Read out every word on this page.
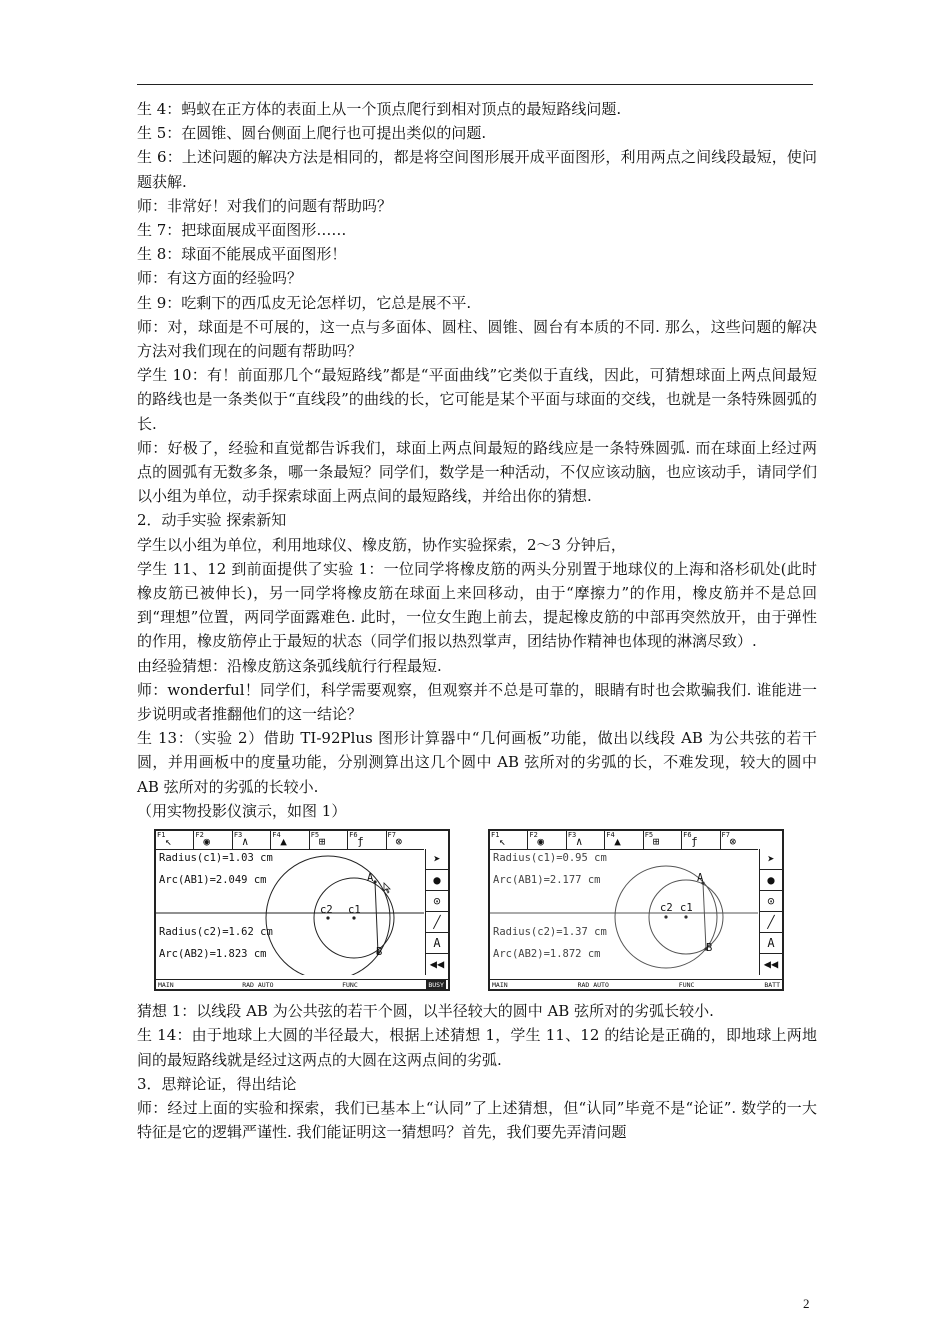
生 4：蚂蚁在正方体的表面上从一个顶点爬行到相对顶点的最短路线问题.

生 5：在圆锥、圆台侧面上爬行也可提出类似的问题.

生 6：上述问题的解决方法是相同的，都是将空间图形展开成平面图形，利用两点之间线段最短，使问题获解.

师：非常好！对我们的问题有帮助吗？

生 7：把球面展成平面图形……

生 8：球面不能展成平面图形！

师：有这方面的经验吗？

生 9：吃剩下的西瓜皮无论怎样切，它总是展不平.

师：对，球面是不可展的，这一点与多面体、圆柱、圆锥、圆台有本质的不同. 那么，这些问题的解决方法对我们现在的问题有帮助吗？

学生 10：有！前面那几个“最短路线”都是“平面曲线”它类似于直线，因此，可猜想球面上两点间最短的路线也是一条类似于“直线段”的曲线的长，它可能是某个平面与球面的交线，也就是一条特殊圆弧的长.

师：好极了，经验和直觉都告诉我们，球面上两点间最短的路线应是一条特殊圆弧. 而在球面上经过两点的圆弧有无数多条，哪一条最短？同学们，数学是一种活动，不仅应该动脑，也应该动手，请同学们以小组为单位，动手探索球面上两点间的最短路线，并给出你的猜想.

2．动手实验 探索新知

学生以小组为单位，利用地球仪、橡皮筋，协作实验探索，2～3 分钟后，

学生 11、12 到前面提供了实验 1：一位同学将橡皮筋的两头分别置于地球仪的上海和洛杉矶处(此时橡皮筋已被伸长)，另一同学将橡皮筋在球面上来回移动，由于“摩擦力”的作用，橡皮筋并不是总回到“理想”位置，两同学面露难色. 此时，一位女生跑上前去，提起橡皮筋的中部再突然放开，由于弹性的作用，橡皮筋停止于最短的状态（同学们报以热烈掌声，团结协作精神也体现的淋漓尽致）.

由经验猜想：沿橡皮筋这条弧线航行行程最短.

师：wonderful！同学们，科学需要观察，但观察并不总是可靠的，眼睛有时也会欺骗我们. 谁能进一步说明或者推翻他们的这一结论？

生 13：（实验 2）借助 TI-92Plus 图形计算器中“几何画板”功能，做出以线段 AB 为公共弦的若干圆，并用画板中的度量功能，分别测算出这几个圆中 AB 弦所对的劣弧的长，不难发现，较大的圆中 AB 弦所对的劣弧的长较小.

（用实物投影仪演示，如图 1）

F1 ↖	F2 ◉	F3 ∧	F4 ▲	F5 ⊞	F6 ƒ	F7 ⊗
➤
●
⊙
╱
A
◀◀
Radius(c1)=1.03 cm
Arc(AB1)=2.049 cm
Radius(c2)=1.62 cm
Arc(AB2)=1.823 cm
A
B
c1
c2
MAIN	RAD AUTO	FUNC	BUSY
F1 ↖	F2 ◉	F3 ∧	F4 ▲	F5 ⊞	F6 ƒ	F7 ⊗
➤
●
⊙
╱
A
◀◀
Radius(c1)=0.95 cm
Arc(AB1)=2.177 cm
Radius(c2)=1.37 cm
Arc(AB2)=1.872 cm
A
B
c1
c2
MAIN	RAD AUTO	FUNC	BATT

猜想 1：以线段 AB 为公共弦的若干个圆，以半径较大的圆中 AB 弦所对的劣弧长较小.

生 14：由于地球上大圆的半径最大，根据上述猜想 1，学生 11、12 的结论是正确的，即地球上两地间的最短路线就是经过这两点的大圆在这两点间的劣弧.

3．思辩论证，得出结论

师：经过上面的实验和探索，我们已基本上“认同”了上述猜想，但“认同”毕竟不是“论证”. 数学的一大特征是它的逻辑严谨性. 我们能证明这一猜想吗？首先，我们要先弄清问题

2
